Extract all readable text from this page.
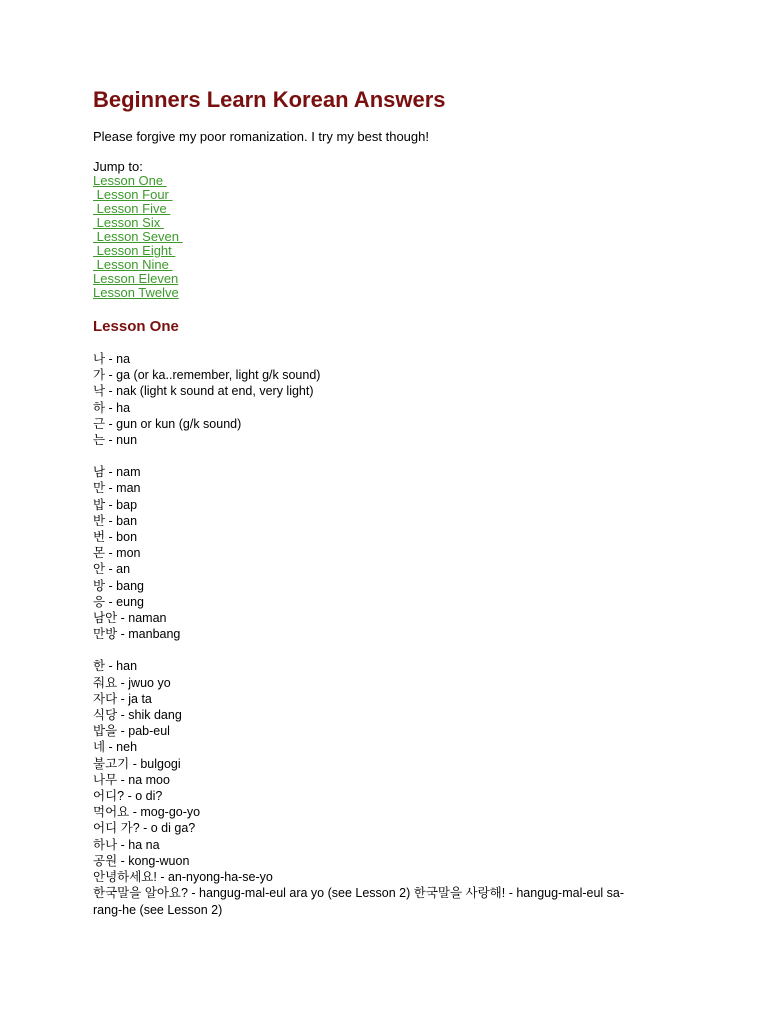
Beginners Learn Korean Answers

Please forgive my poor romanization. I try my best though!

Jump to:
Lesson One
Lesson Four
Lesson Five
Lesson Six
Lesson Seven
Lesson Eight
Lesson Nine
Lesson Eleven
Lesson Twelve
Lesson One
나 - na
가 - ga (or ka..remember, light g/k sound)
낙 - nak (light k sound at end, very light)
하 - ha
근 - gun or kun (g/k sound)
는 - nun
남 - nam
만 - man
밥 - bap
반 - ban
번 - bon
몬 - mon
안 - an
방 - bang
응 - eung
남안 - naman
만방 - manbang
한 - han
줘요 - jwuo yo
자다 - ja ta
식당 - shik dang
밥을 - pab-eul
네 - neh
불고기 - bulgogi
나무 - na moo
어디? - o di?
먹어요 - mog-go-yo
어디 가? - o di ga?
하나 - ha na
공원 - kong-wuon
안녕하세요! - an-nyong-ha-se-yo
한국말을 알아요? - hangug-mal-eul ara yo (see Lesson 2) 한국말을 사랑해! - hangug-mal-eul sa-rang-he (see Lesson 2)
